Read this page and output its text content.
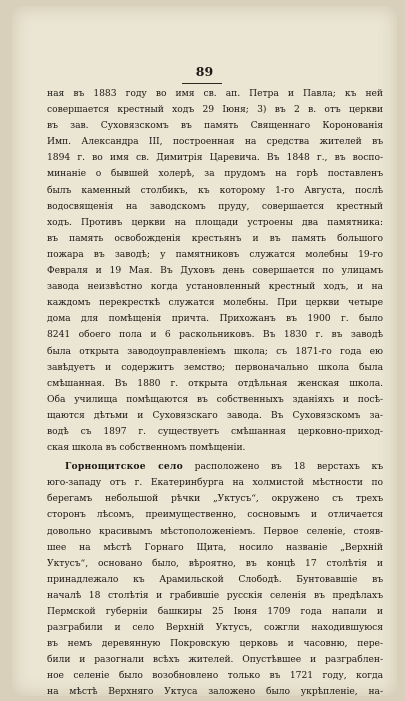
89
ная въ 1883 году во имя св. ап. Петра и Павла; къ ней
совершается крестный ходъ 29 Іюня; 3) въ 2 в. отъ церкви
въ зав. Суховязскомъ въ память Священнаго Коронованія
Имп. Александра III, построенная на средства жителей въ
1894 г. во имя св. Димитрія Царевича. Въ 1848 г., въ воспо-
минаніе о бывшей холерѣ, за прудомъ на горѣ поставленъ
былъ каменный столбикъ, къ которому 1-го Августа, послѣ
водосвященія на заводскомъ пруду, совершается крестный
ходъ. Противъ церкви на площади устроены два памятника:
въ память освобожденія крестьянъ и въ память большого
пожара въ заводѣ; у памятниковъ служатся молебны 19-го
Февраля и 19 Мая. Въ Духовъ день совершается по улицамъ
завода неизвѣстно когда установленный крестный ходъ, и на
каждомъ перекресткѣ служатся молебны. При церкви четыре
дома для помѣщенія причта. Прихожанъ въ 1900 г. было
8241 обоего пола и 6 раскольниковъ. Въ 1830 г. въ заводѣ
была открыта заводоуправленіемъ школа; съ 1871-го года ею
завѣдуетъ и содержитъ земство; первоначально школа была
смѣшанная. Въ 1880 г. открыта отдѣльная женская школа.
Оба училища помѣщаются въ собственныхъ зданіяхъ и посѣ-
щаются дѣтьми и Суховязскаго завода. Въ Суховязскомъ за-
водѣ съ 1897 г. существуетъ смѣшанная церковно-приход-
ская школа въ собственномъ помѣщеніи.
Горнощитское село расположено въ 18 верстахъ къ
юго-западу отъ г. Екатеринбурга на холмистой мѣстности по
берегамъ небольшой рѣчки „Уктусъ“, окружено съ трехъ
сторонъ лѣсомъ, преимущественно, сосновымъ и отличается
довольно красивымъ мѣстоположеніемъ. Первое селеніе, стояв-
шее на мѣстѣ Горнаго Щита, носило названіе „Верхній
Уктусъ“, основано было, вѣроятно, въ концѣ 17 столѣтія и
принадлежало къ Арамильской Слободѣ. Бунтовавшіе въ
началѣ 18 столѣтія и грабившіе русскія селенія въ предѣлахъ
Пермской губерніи башкиры 25 Іюня 1709 года напали и
разграбили и село Верхній Уктусъ, сожгли находившуюся
въ немъ деревянную Покровскую церковь и часовню, пере-
били и разогнали всѣхъ жителей. Опустѣвшее и разграблен-
ное селеніе было возобновлено только въ 1721 году, когда
на мѣстѣ Верхняго Уктуса заложено было укрѣпленіе, на-
